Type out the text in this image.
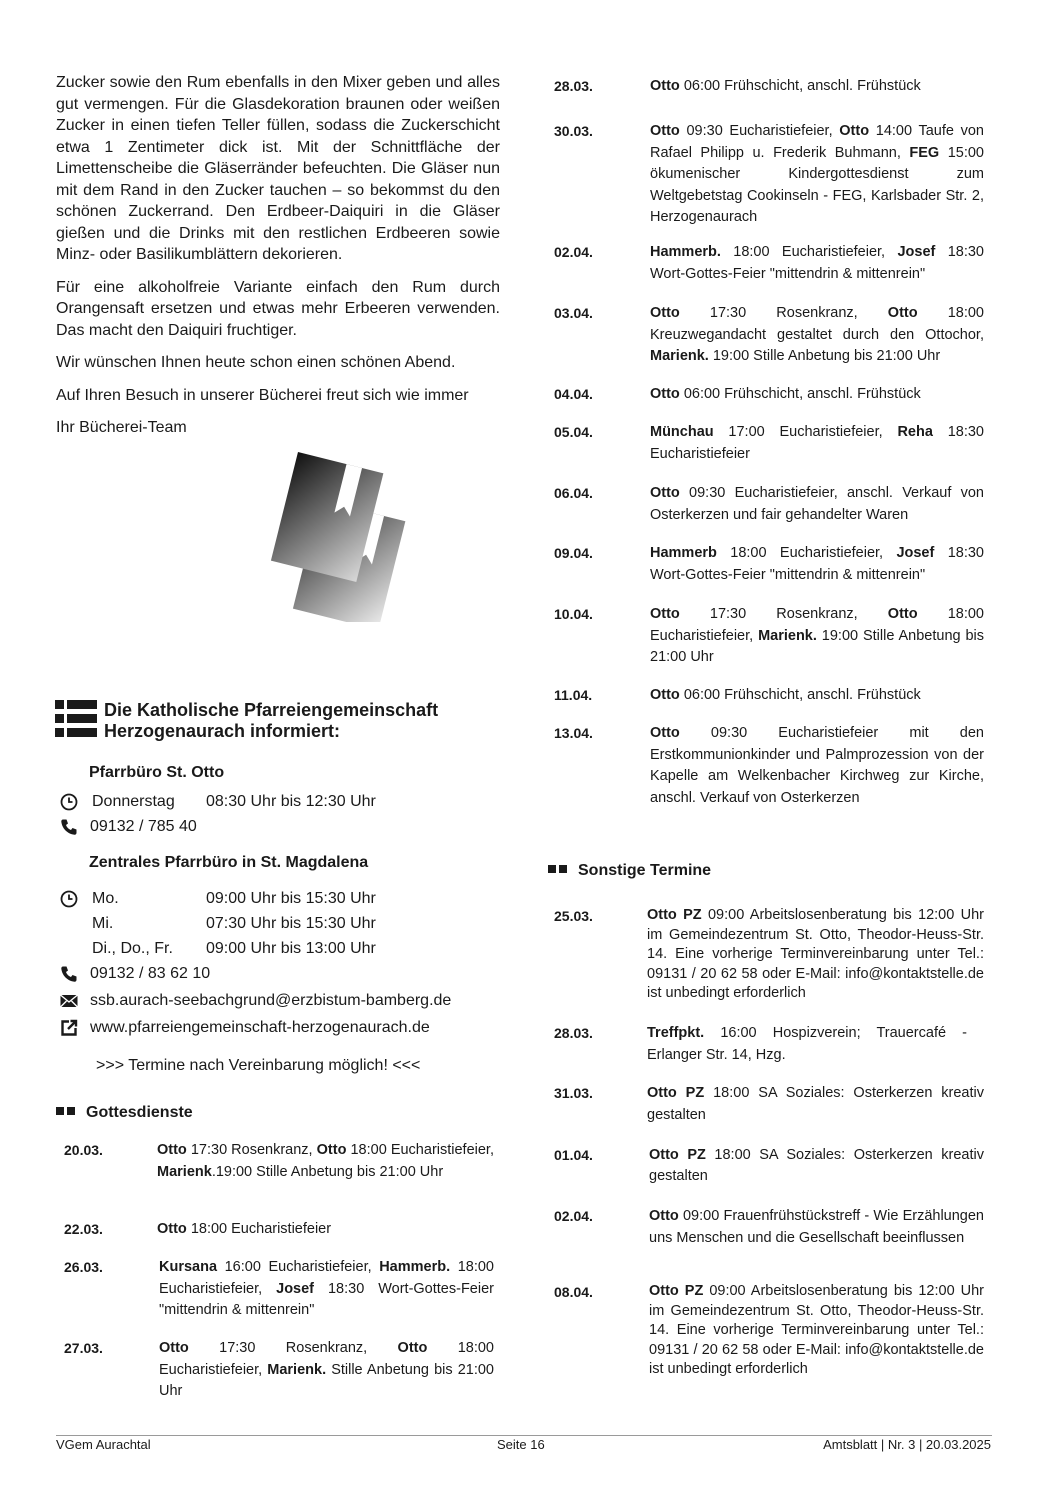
Zucker sowie den Rum ebenfalls in den Mixer geben und alles gut vermengen. Für die Glasdekoration braunen oder weißen Zucker in einen tiefen Teller füllen, sodass die Zuckerschicht etwa 1 Zentimeter dick ist. Mit der Schnittfläche der Limettenscheibe die Gläserränder befeuchten. Die Gläser nun mit dem Rand in den Zucker tauchen – so bekommst du den schönen Zuckerrand. Den Erdbeer-Daiquiri in die Gläser gießen und die Drinks mit den restlichen Erdbeeren sowie Minz- oder Basilikumblättern dekorieren.

Für eine alkoholfreie Variante einfach den Rum durch Orangensaft ersetzen und etwas mehr Erbeeren verwenden. Das macht den Daiquiri fruchtiger.

Wir wünschen Ihnen heute schon einen schönen Abend.

Auf Ihren Besuch in unserer Bücherei freut sich wie immer

Ihr Bücherei-Team

Die Katholische Pfarreiengemeinschaft
Herzogenaurach informiert:
Pfarrbüro St. Otto
Donnerstag 08:30 Uhr bis 12:30 Uhr
09132 / 785 40
Zentrales Pfarrbüro in St. Magdalena
Mo.	09:00 Uhr bis 15:30 Uhr
Mi.	07:30 Uhr bis 15:30 Uhr
Di., Do., Fr. 09:00 Uhr bis 13:00 Uhr
09132 / 83 62 10
ssb.aurach-seebachgrund@erzbistum-bamberg.de
www.pfarreiengemeinschaft-herzogenaurach.de
>>> Termine nach Vereinbarung möglich! <<<
Gottesdienste
20.03.	Otto 17:30 Rosenkranz, Otto 18:00 Eucharistiefeier, Marienk.19:00 Stille Anbetung bis 21:00 Uhr
22.03.	Otto 18:00 Eucharistiefeier
26.03.	Kursana 16:00 Eucharistiefeier, Hammerb. 18:00 Eucharistiefeier, Josef 18:30 Wort-Gottes-Feier "mittendrin & mittenrein"
27.03.	Otto 17:30 Rosenkranz, Otto 18:00 Eucharistiefeier, Marienk. Stille Anbetung bis 21:00 Uhr
28.03.	Otto 06:00 Frühschicht, anschl. Frühstück
30.03.	Otto 09:30 Eucharistiefeier, Otto 14:00 Taufe von Rafael Philipp u. Frederik Buhmann, FEG 15:00 ökumenischer Kindergottesdienst zum Weltgebetstag Cookinseln - FEG, Karlsbader Str. 2, Herzogenaurach
02.04.	Hammerb. 18:00 Eucharistiefeier, Josef 18:30 Wort-Gottes-Feier "mittendrin & mittenrein"
03.04.	Otto 17:30 Rosenkranz, Otto 18:00 Kreuzwegandacht gestaltet durch den Ottochor, Marienk. 19:00 Stille Anbetung bis 21:00 Uhr
04.04.	Otto 06:00 Frühschicht, anschl. Frühstück
05.04.	Münchau 17:00 Eucharistiefeier, Reha 18:30 Eucharistiefeier
06.04.	Otto 09:30 Eucharistiefeier, anschl. Verkauf von Osterkerzen und fair gehandelter Waren
09.04.	Hammerb 18:00 Eucharistiefeier, Josef 18:30 Wort-Gottes-Feier "mittendrin & mittenrein"
10.04.	Otto 17:30 Rosenkranz, Otto 18:00 Eucharistiefeier, Marienk. 19:00 Stille Anbetung bis 21:00 Uhr
11.04.	Otto 06:00 Frühschicht, anschl. Frühstück
13.04.	Otto 09:30 Eucharistiefeier mit den Erstkommunionkinder und Palmprozession von der Kapelle am Welkenbacher Kirchweg zur Kirche, anschl. Verkauf von Osterkerzen
Sonstige Termine
25.03.	Otto PZ 09:00 Arbeitslosenberatung bis 12:00 Uhr im Gemeindezentrum St. Otto, Theodor-Heuss-Str. 14. Eine vorherige Terminvereinbarung unter Tel.: 09131 / 20 62 58 oder E-Mail: info@kontaktstelle.de ist unbedingt erforderlich
28.03.	Treffpkt. 16:00 Hospizverein; Trauercafé - Erlanger Str. 14, Hzg.
31.03.	Otto PZ 18:00 SA Soziales: Osterkerzen kreativ gestalten
01.04.	Otto PZ 18:00 SA Soziales: Osterkerzen kreativ gestalten
02.04.	Otto 09:00 Frauenfrühstückstreff - Wie Erzählungen uns Menschen und die Gesellschaft beeinflussen
08.04.	Otto PZ 09:00 Arbeitslosenberatung bis 12:00 Uhr im Gemeindezentrum St. Otto, Theodor-Heuss-Str. 14. Eine vorherige Terminvereinbarung unter Tel.: 09131 / 20 62 58 oder E-Mail: info@kontaktstelle.de ist unbedingt erforderlich
VGem Aurachtal	Seite 16	Amtsblatt | Nr. 3 | 20.03.2025
